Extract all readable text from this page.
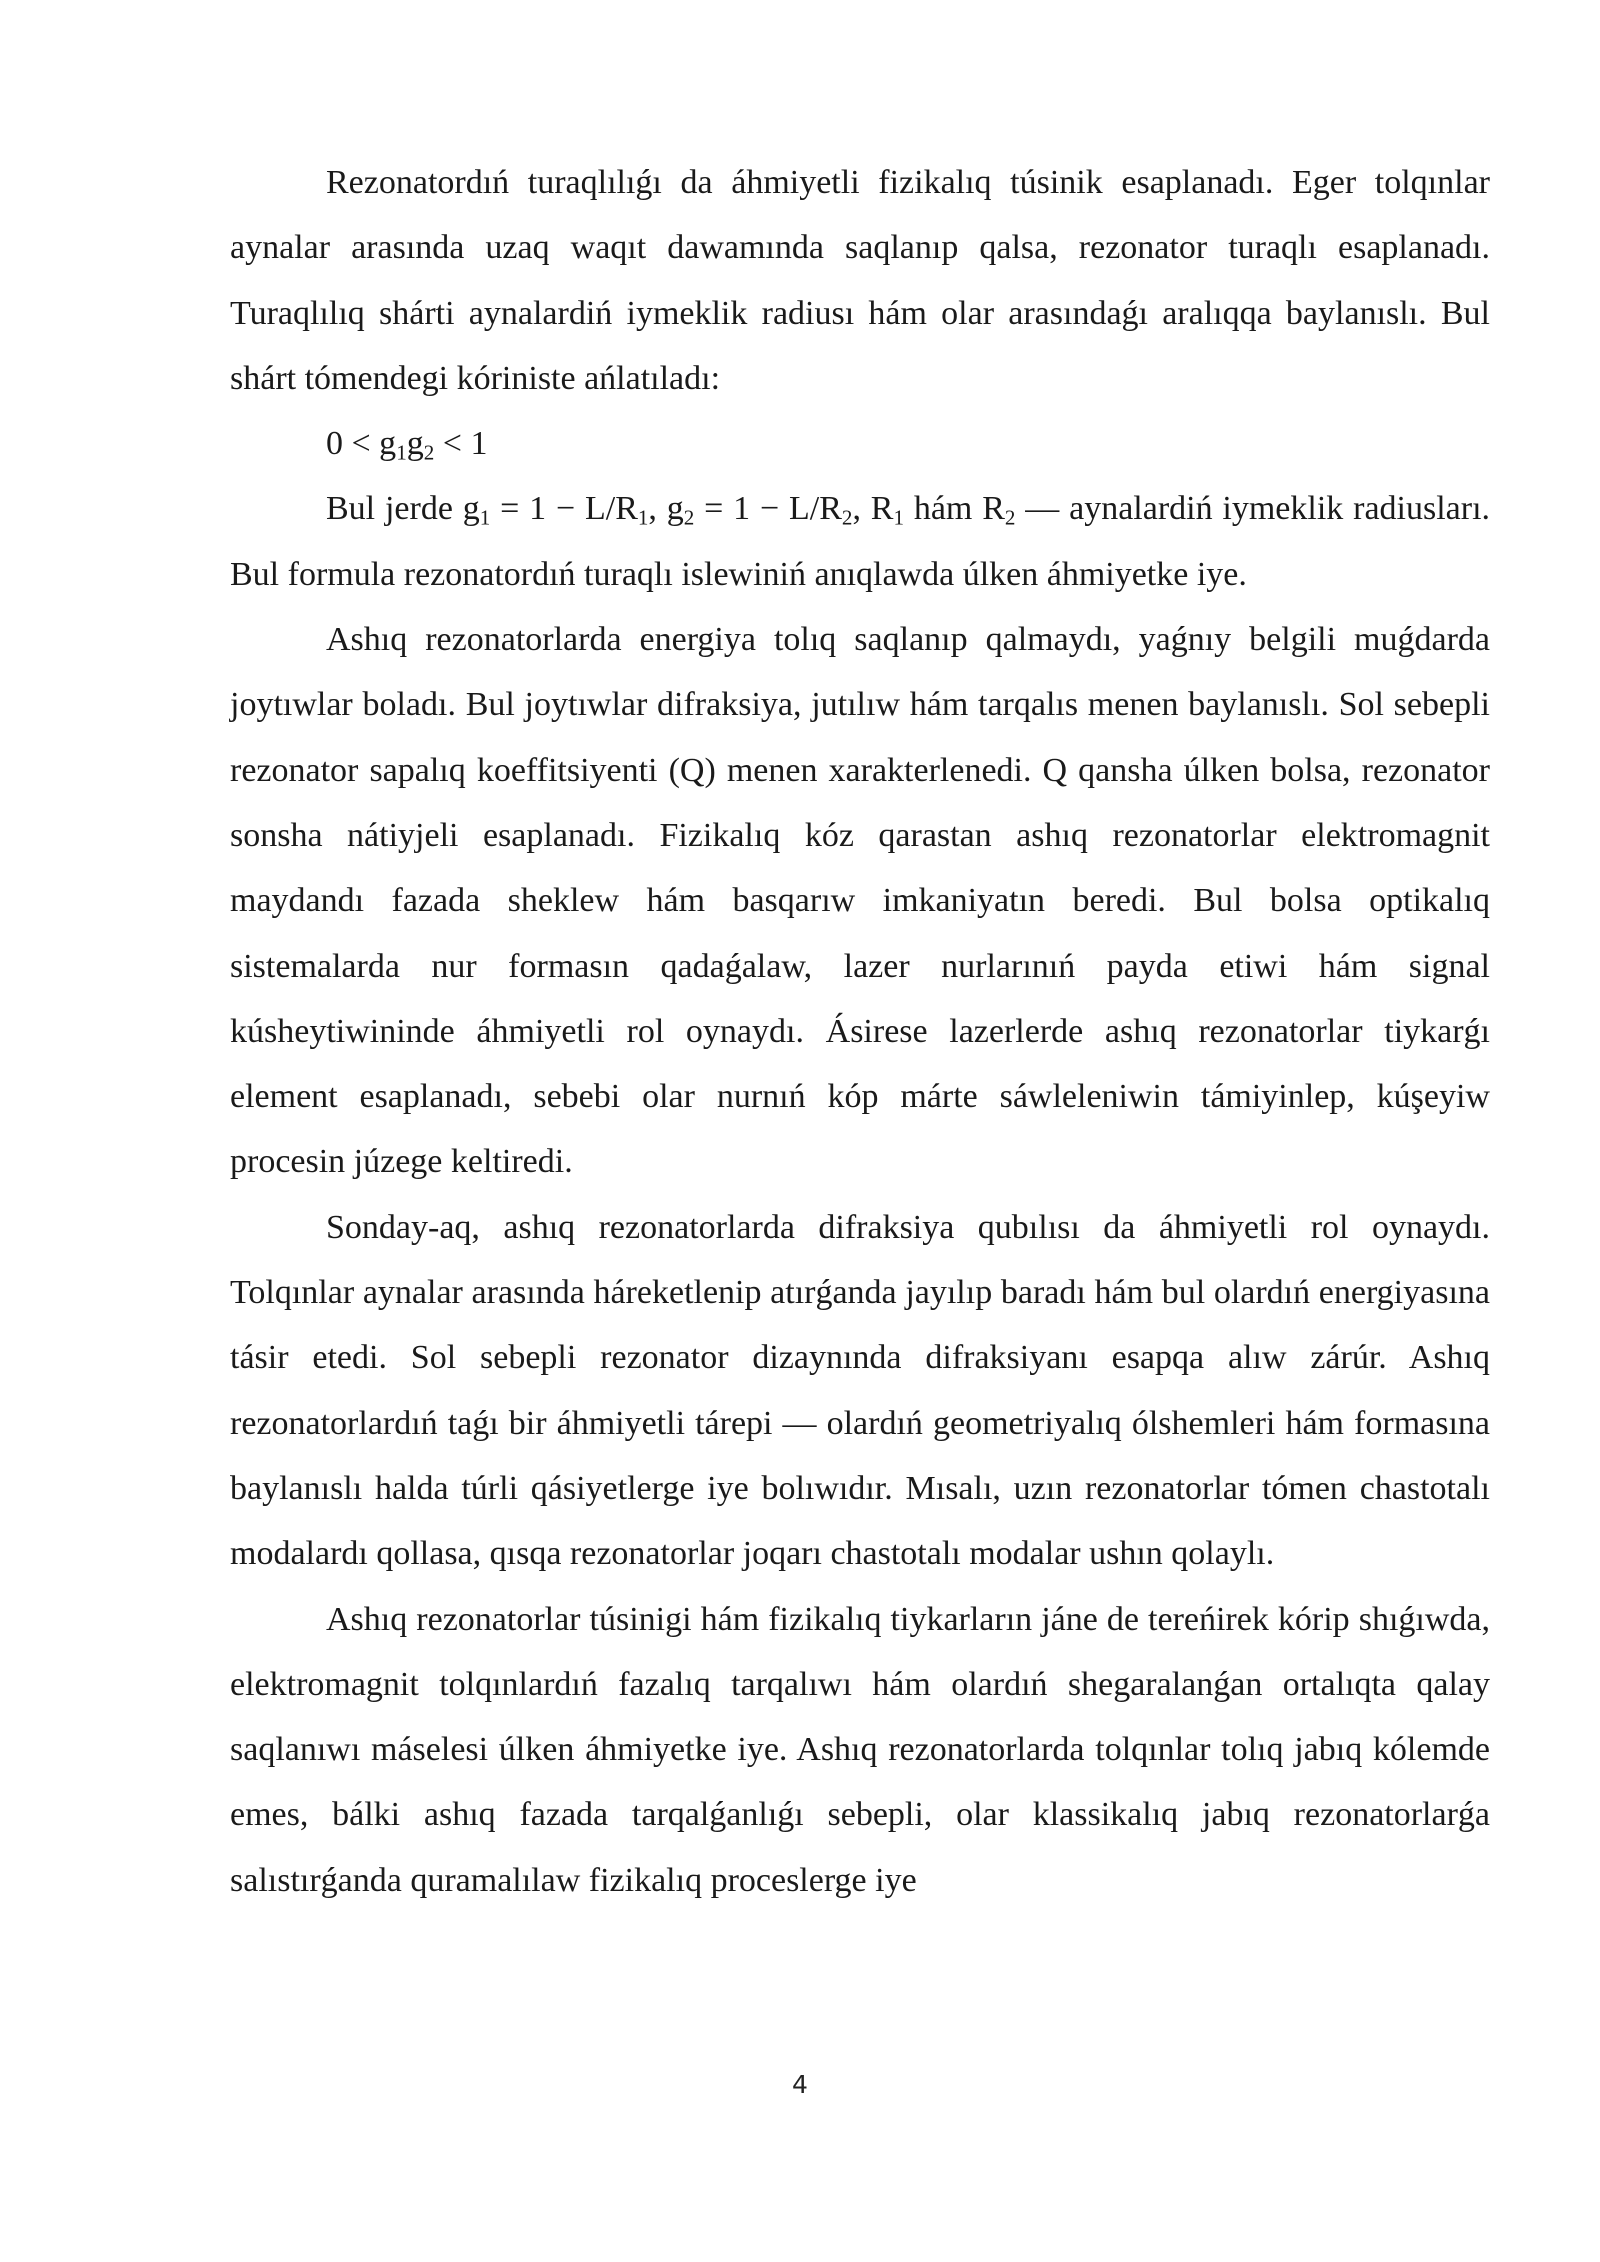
Rezonatordıń turaqlılıǵı da áhmiyetli fizikalıq túsinik esaplanadı. Eger tolqınlar aynalar arasında uzaq waqıt dawamında saqlanıp qalsa, rezonator turaqlı esaplanadı. Turaqlılıq shárti aynalardiń iymeklik radiusı hám olar arasındaǵı aralıqqa baylanıslı. Bul shárt tómendegi kóriniste ańlatıladı:

$0 < g_1g_2 < 1$

Bul jerde $g_1 = 1 - L/R_1$, $g_2 = 1 - L/R_2$, $R_1$ hám $R_2$ — aynalardiń iymeklik radiusları. Bul formula rezonatordıń turaqlı islewiniń anıqlawda úlken áhmiyetke iye.

Ashıq rezonatorlarda energiya tolıq saqlanıp qalmaydı, yaǵnıy belgili muǵdarda joytıwlar boladı. Bul joytıwlar difraksiya, jutılıw hám tarqalıs menen baylanıslı. Sol sebepli rezonator sapalıq koeffitsiyenti (Q) menen xarakterlenedi. Q qansha úlken bolsa, rezonator sonsha nátiyjeli esaplanadı. Fizikalıq kóz qarastan ashıq rezonatorlar elektromagnit maydandı fazada sheklew hám basqarıw imkaniyatın beredi. Bul bolsa optikalıq sistemalarda nur formasın qadaǵalaw, lazer nurlarınıń payda etiwi hám signal kúsheytiwininde áhmiyetli rol oynaydı. Ásirese lazerlerde ashıq rezonatorlar tiykarǵı element esaplanadı, sebebi olar nurnıń kóp márte sáwleleniwin támiyinlep, kúşeyiw procesin júzege keltiredi.

Sonday-aq, ashıq rezonatorlarda difraksiya qubılısı da áhmiyetli rol oynaydı. Tolqınlar aynalar arasında háreketlenip atırǵanda jayılıp baradı hám bul olardıń energiyasına tásir etedi. Sol sebepli rezonator dizaynında difraksiyanı esapqa alıw zárúr. Ashıq rezonatorlardıń taǵı bir áhmiyetli tárepi — olardıń geometriyalıq ólshemleri hám formasına baylanıslı halda túrli qásiyetlerge iye bolıwıdır. Mısalı, uzın rezonatorlar tómen chastotalı modalardı qollasa, qısqa rezonatorlar joqarı chastotalı modalar ushın qolaylı.

Ashıq rezonatorlar túsinigi hám fizikalıq tiykarların jáne de tereńirek kórip shıǵıwda, elektromagnit tolqınlardıń fazalıq tarqalıwı hám olardıń shegaralanǵan ortalıqta qalay saqlanıwı máselesi úlken áhmiyetke iye. Ashıq rezonatorlarda tolqınlar tolıq jabıq kólemde emes, bálki ashıq fazada tarqalǵanlıǵı sebepli, olar klassikalıq jabıq rezonatorlarǵa salıstırǵanda quramalılaw fizikalıq proceslerge iye

4
